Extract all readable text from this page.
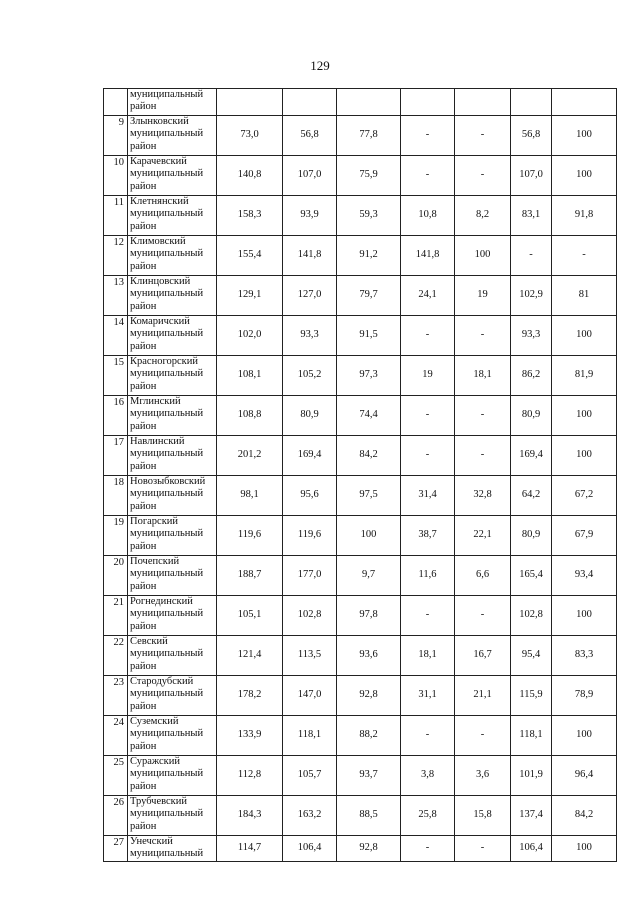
129

	муниципальный
район							

9	Злынковский
муниципальный
район	73,0	56,8	77,8	-	-	56,8	100
10	Карачевский
муниципальный
район	140,8	107,0	75,9	-	-	107,0	100
11	Клетнянский
муниципальный
район	158,3	93,9	59,3	10,8	8,2	83,1	91,8
12	Климовский
муниципальный
район	155,4	141,8	91,2	141,8	100	-	-
13	Клинцовский
муниципальный
район	129,1	127,0	79,7	24,1	19	102,9	81
14	Комаричский
муниципальный
район	102,0	93,3	91,5	-	-	93,3	100
15	Красногорский
муниципальный
район	108,1	105,2	97,3	19	18,1	86,2	81,9
16	Мглинский
муниципальный
район	108,8	80,9	74,4	-	-	80,9	100
17	Навлинский
муниципальный
район	201,2	169,4	84,2	-	-	169,4	100
18	Новозыбковский
муниципальный
район	98,1	95,6	97,5	31,4	32,8	64,2	67,2
19	Погарский
муниципальный
район	119,6	119,6	100	38,7	22,1	80,9	67,9
20	Почепский
муниципальный
район	188,7	177,0	9,7	11,6	6,6	165,4	93,4
21	Рогнединский
муниципальный
район	105,1	102,8	97,8	-	-	102,8	100
22	Севский
муниципальный
район	121,4	113,5	93,6	18,1	16,7	95,4	83,3
23	Стародубский
муниципальный
район	178,2	147,0	92,8	31,1	21,1	115,9	78,9
24	Суземский
муниципальный
район	133,9	118,1	88,2	-	-	118,1	100
25	Суражский
муниципальный
район	112,8	105,7	93,7	3,8	3,6	101,9	96,4
26	Трубчевский
муниципальный
район	184,3	163,2	88,5	25,8	15,8	137,4	84,2
27	Унечский
муниципальный	114,7	106,4	92,8	-	-	106,4	100
